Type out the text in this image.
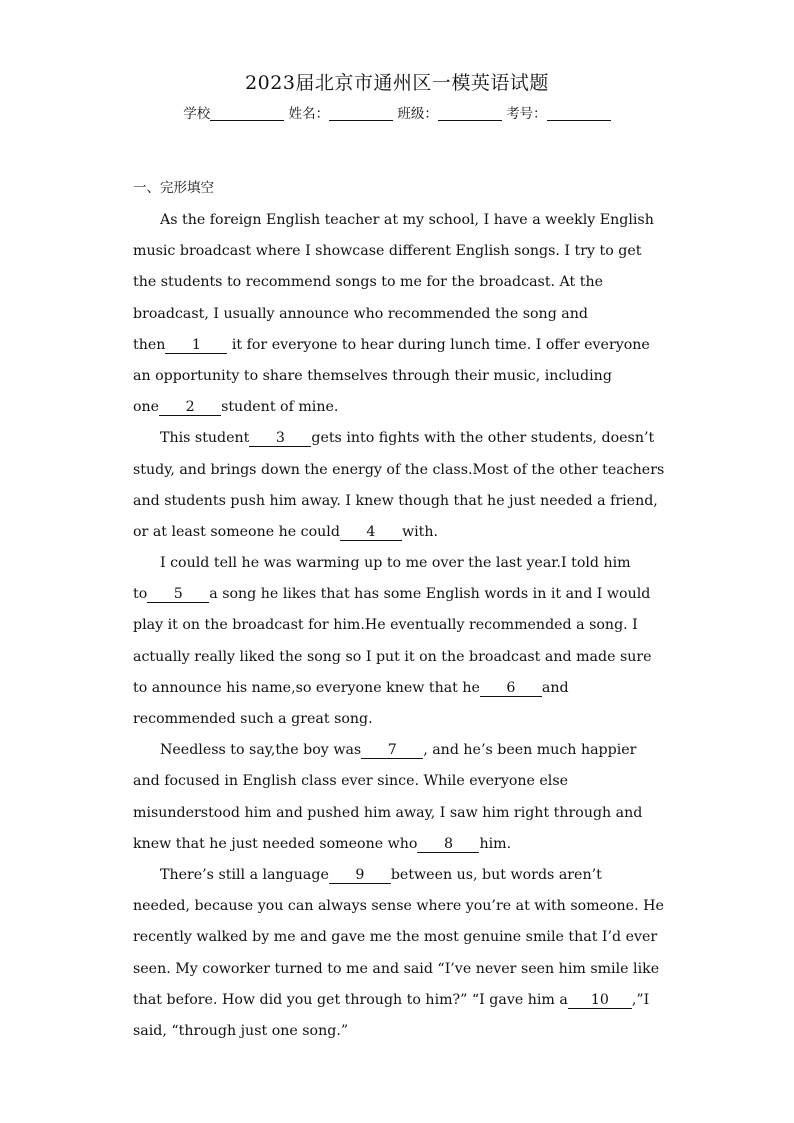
2023届北京市通州区一模英语试题
学校	姓名：	班级：	考号：
一、完形填空
As the foreign English teacher at my school, I have a weekly English
music broadcast where I showcase different English songs. I try to get
the students to recommend songs to me for the broadcast. At the
broadcast, I usually announce who recommended the song and
then 1 it for everyone to hear during lunch time. I offer everyone
an opportunity to share themselves through their music, including
one 2 student of mine.
This student 3 gets into fights with the other students, doesn’t
study, and brings down the energy of the class.Most of the other teachers
and students push him away. I knew though that he just needed a friend,
or at least someone he could 4 with.
I could tell he was warming up to me over the last year.I told him
to 5 a song he likes that has some English words in it and I would
play it on the broadcast for him.He eventually recommended a song. I
actually really liked the song so I put it on the broadcast and made sure
to announce his name,so everyone knew that he 6 and
recommended such a great song.
Needless to say,the boy was 7 , and he’s been much happier
and focused in English class ever since. While everyone else
misunderstood him and pushed him away, I saw him right through and
knew that he just needed someone who 8 him.
There’s still a language 9 between us, but words aren’t
needed, because you can always sense where you’re at with someone. He
recently walked by me and gave me the most genuine smile that I’d ever
seen. My coworker turned to me and said “I’ve never seen him smile like
that before. How did you get through to him?” “I gave him a 10 ,”I
said, “through just one song.”
